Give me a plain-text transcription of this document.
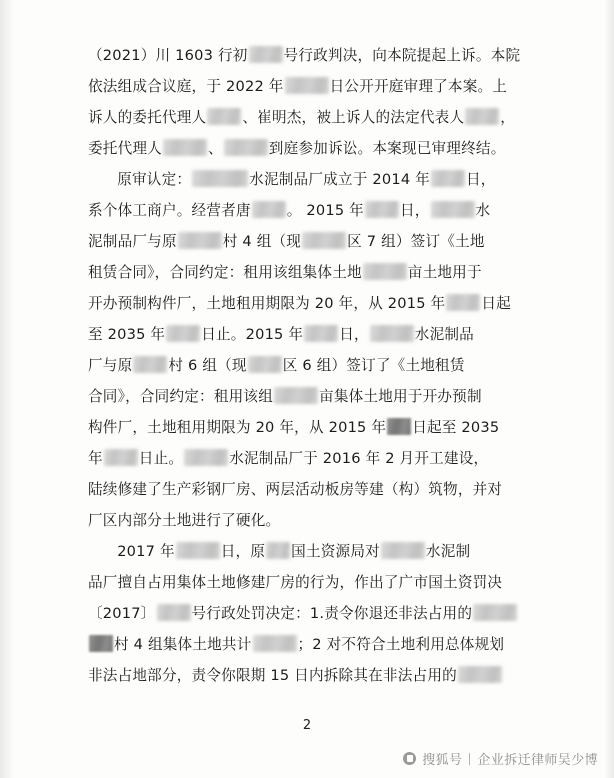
（2021）川 1603 行初 号行政判决，向本院提起上诉。本院

依法组成合议庭，于 2022 年	日公开开庭审理了本案。上

诉人的委托代理人 、崔明杰，被上诉人的法定代表人 ，

委托代理人	、	到庭参加诉讼。本案现已审理终结。

原审认定：	水泥制品厂成立于 2014 年 日，

系个体工商户。经营者唐 。 2015 年 日，	水

泥制品厂与原	村 4 组（现	区 7 组）签订《土地

租赁合同》，合同约定：租用该组集体土地	亩土地用于

开办预制构件厂，土地租用期限为 20 年，从 2015 年 日起

至 2035 年 日止。2015 年 日，	水泥制品

厂与原 村 6 组（现 区 6 组）签订了《土地租赁

合同》，合同约定：租用该组	亩集体土地用于开办预制

构件厂，土地租用期限为 20 年，从 2015 年 日起至 2035

年 日止。	水泥制品厂于 2016 年 2 月开工建设，

陆续修建了生产彩钢厂房、两层活动板房等建（构）筑物，并对

厂区内部分土地进行了硬化。

2017 年	日，原 国土资源局对	水泥制

品厂擅自占用集体土地修建厂房的行为，作出了广市国土资罚决

〔2017〕 号行政处罚决定：1.责令你退还非法占用的

村 4 组集体土地共计	；2 对不符合土地利用总体规划

非法占地部分，责令你限期 15 日内拆除其在非法占用的

2
搜狐号 企业拆迁律师吴少博
